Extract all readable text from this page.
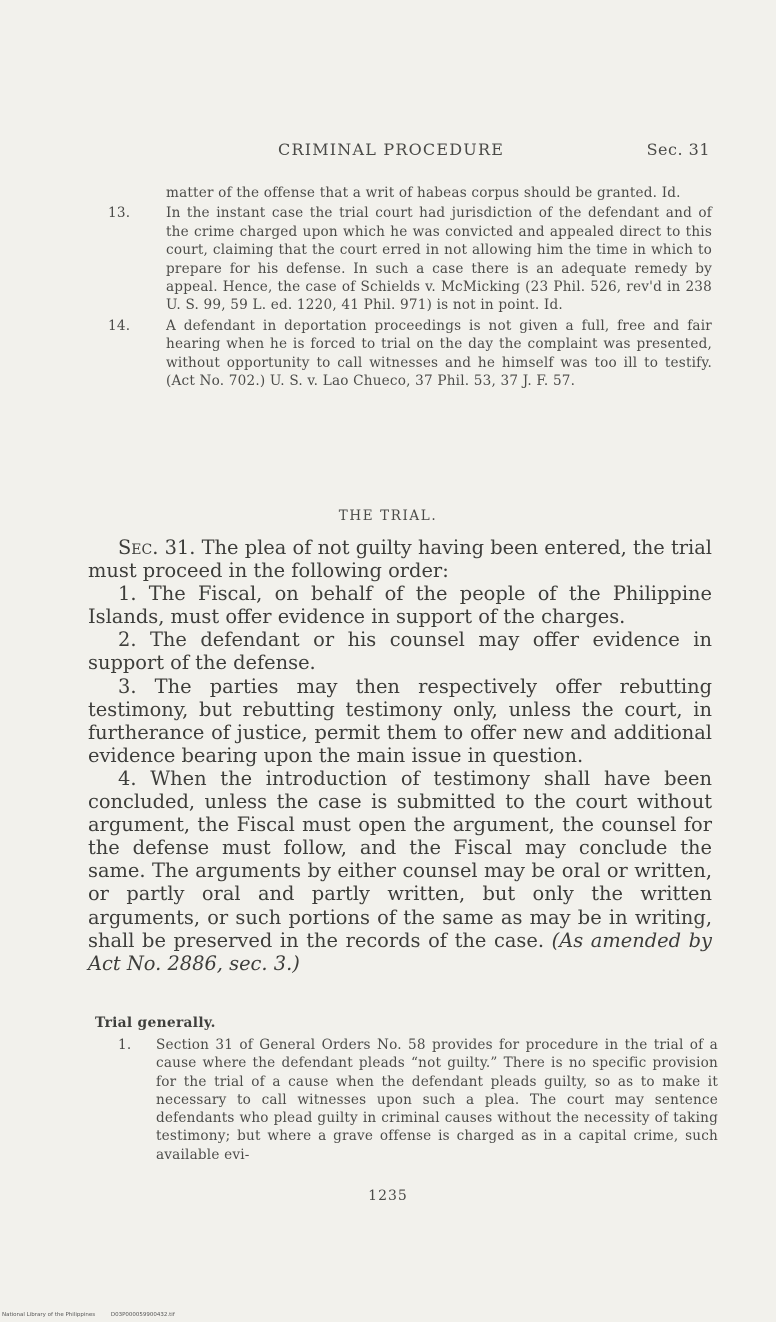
CRIMINAL PROCEDURE	Sec. 31

matter of the offense that a writ of habeas corpus should be granted. Id.

13.	In the instant case the trial court had jurisdiction of the defendant and of the crime charged upon which he was convicted and appealed direct to this court, claiming that the court erred in not allowing him the time in which to prepare for his defense. In such a case there is an adequate remedy by appeal. Hence, the case of Schields v. McMicking (23 Phil. 526, rev'd in 238 U. S. 99, 59 L. ed. 1220, 41 Phil. 971) is not in point. Id.

14.	A defendant in deportation proceedings is not given a full, free and fair hearing when he is forced to trial on the day the complaint was presented, without opportunity to call witnesses and he himself was too ill to testify. (Act No. 702.) U. S. v. Lao Chueco, 37 Phil. 53, 37 J. F. 57.

THE TRIAL.

Sec. 31. The plea of not guilty having been entered, the trial must proceed in the following order:

1. The Fiscal, on behalf of the people of the Philippine Islands, must offer evidence in support of the charges.

2. The defendant or his counsel may offer evidence in support of the defense.

3. The parties may then respectively offer rebutting testimony, but rebutting testimony only, unless the court, in furtherance of justice, permit them to offer new and additional evidence bearing upon the main issue in question.

4. When the introduction of testimony shall have been concluded, unless the case is submitted to the court without argument, the Fiscal must open the argument, the counsel for the defense must follow, and the Fiscal may conclude the same. The arguments by either counsel may be oral or written, or partly oral and partly written, but only the written arguments, or such portions of the same as may be in writing, shall be preserved in the records of the case. (As amended by Act No. 2886, sec. 3.)

Trial generally.

1.	Section 31 of General Orders No. 58 provides for procedure in the trial of a cause where the defendant pleads “not guilty.” There is no specific provision for the trial of a cause when the defendant pleads guilty, so as to make it necessary to call witnesses upon such a plea. The court may sentence defendants who plead guilty in criminal causes without the necessity of taking testimony; but where a grave offense is charged as in a capital crime, such available evi-

1235
National Library of the Philippines	D03P000059900432.tif
